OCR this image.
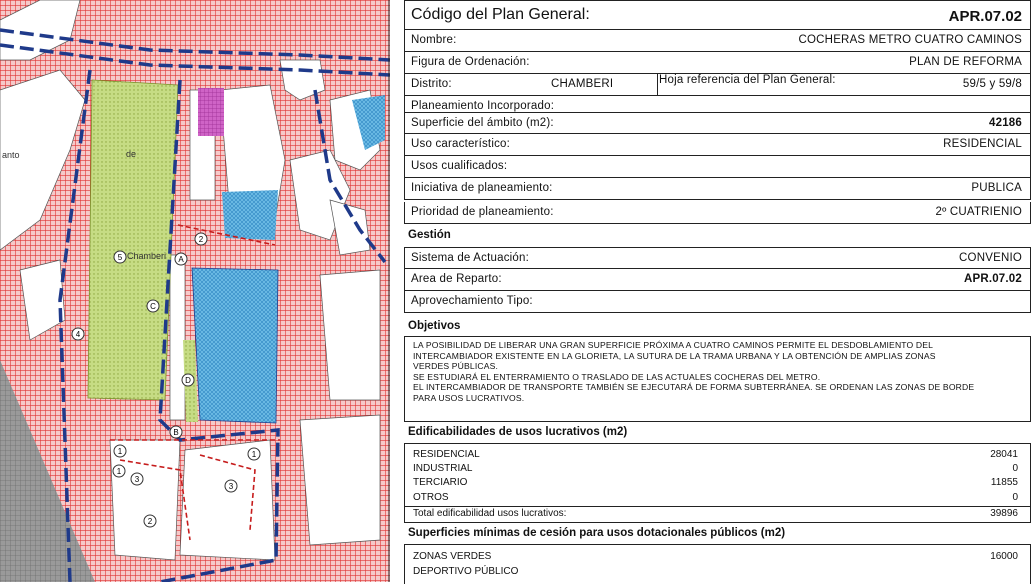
5	A
C
D
B
4
2
1
1
1
3
3
2
Chamberi
anto	de
Código del Plan General:	APR.07.02
Nombre:	COCHERAS METRO CUATRO CAMINOS
Figura de Ordenación:	PLAN DE REFORMA
Distrito:	CHAMBERI	Hoja referencia del Plan General:	59/5 y 59/8
Planeamiento Incorporado:
Superficie del ámbito (m2):	42186
Uso característico:	RESIDENCIAL
Usos cualificados:
Iniciativa de planeamiento:	PUBLICA
Prioridad de planeamiento:	2º CUATRIENIO
Gestión
Sistema de Actuación:	CONVENIO
Area de Reparto:	APR.07.02
Aprovechamiento Tipo:
Objetivos
LA POSIBILIDAD DE LIBERAR UNA GRAN SUPERFICIE PRÓXIMA A CUATRO CAMINOS PERMITE EL DESDOBLAMIENTO DEL
INTERCAMBIADOR EXISTENTE EN LA GLORIETA, LA SUTURA DE LA TRAMA URBANA Y LA OBTENCIÓN DE AMPLIAS ZONAS
VERDES PÚBLICAS.
SE ESTUDIARÁ EL ENTERRAMIENTO O TRASLADO DE LAS ACTUALES COCHERAS DEL METRO.
EL INTERCAMBIADOR DE TRANSPORTE TAMBIÉN SE EJECUTARÁ DE FORMA SUBTERRÁNEA. SE ORDENAN LAS ZONAS DE BORDE
PARA USOS LUCRATIVOS.
Edificabilidades de usos lucrativos (m2)
RESIDENCIAL	28041
INDUSTRIAL	0
TERCIARIO	11855
OTROS	0
Total edificabilidad usos lucrativos:	39896
Superficies mínimas de cesión para usos dotacionales públicos (m2)
ZONAS VERDES	16000
DEPORTIVO PÚBLICO
